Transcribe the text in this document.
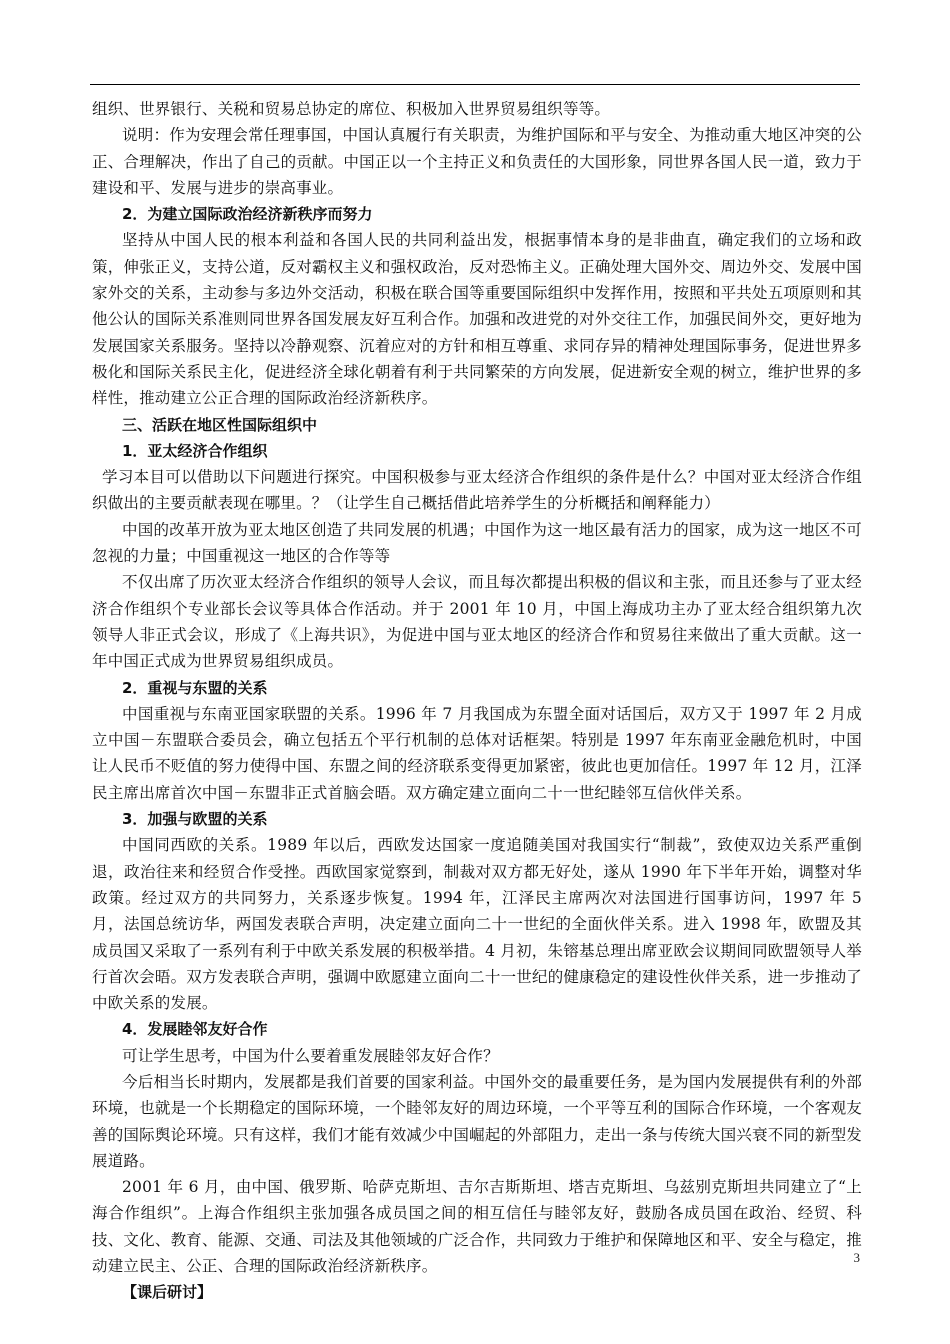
组织、世界银行、关税和贸易总协定的席位、积极加入世界贸易组织等等。

说明：作为安理会常任理事国，中国认真履行有关职责，为维护国际和平与安全、为推动重大地区冲突的公正、合理解决，作出了自己的贡献。中国正以一个主持正义和负责任的大国形象，同世界各国人民一道，致力于建设和平、发展与进步的崇高事业。

2．为建立国际政治经济新秩序而努力

坚持从中国人民的根本利益和各国人民的共同利益出发，根据事情本身的是非曲直，确定我们的立场和政策，伸张正义，支持公道，反对霸权主义和强权政治，反对恐怖主义。正确处理大国外交、周边外交、发展中国家外交的关系，主动参与多边外交活动，积极在联合国等重要国际组织中发挥作用，按照和平共处五项原则和其他公认的国际关系准则同世界各国发展友好互利合作。加强和改进党的对外交往工作，加强民间外交，更好地为发展国家关系服务。坚持以冷静观察、沉着应对的方针和相互尊重、求同存异的精神处理国际事务，促进世界多极化和国际关系民主化，促进经济全球化朝着有利于共同繁荣的方向发展，促进新安全观的树立，维护世界的多样性，推动建立公正合理的国际政治经济新秩序。

三、活跃在地区性国际组织中

1．亚太经济合作组织

学习本目可以借助以下问题进行探究。中国积极参与亚太经济合作组织的条件是什么？中国对亚太经济合作组织做出的主要贡献表现在哪里。？（让学生自己概括借此培养学生的分析概括和阐释能力）

中国的改革开放为亚太地区创造了共同发展的机遇；中国作为这一地区最有活力的国家，成为这一地区不可忽视的力量；中国重视这一地区的合作等等

不仅出席了历次亚太经济合作组织的领导人会议，而且每次都提出积极的倡议和主张，而且还参与了亚太经济合作组织个专业部长会议等具体合作活动。并于 2001 年 10 月，中国上海成功主办了亚太经合组织第九次领导人非正式会议，形成了《上海共识》，为促进中国与亚太地区的经济合作和贸易往来做出了重大贡献。这一年中国正式成为世界贸易组织成员。

2．重视与东盟的关系

中国重视与东南亚国家联盟的关系。1996 年 7 月我国成为东盟全面对话国后，双方又于 1997 年 2 月成立中国－东盟联合委员会，确立包括五个平行机制的总体对话框架。特别是 1997 年东南亚金融危机时，中国让人民币不贬值的努力使得中国、东盟之间的经济联系变得更加紧密，彼此也更加信任。1997 年 12 月，江泽民主席出席首次中国－东盟非正式首脑会晤。双方确定建立面向二十一世纪睦邻互信伙伴关系。

3．加强与欧盟的关系

中国同西欧的关系。1989 年以后，西欧发达国家一度追随美国对我国实行“制裁”，致使双边关系严重倒退，政治往来和经贸合作受挫。西欧国家觉察到，制裁对双方都无好处，遂从 1990 年下半年开始，调整对华政策。经过双方的共同努力，关系逐步恢复。1994 年，江泽民主席两次对法国进行国事访问，1997 年 5 月，法国总统访华，两国发表联合声明，决定建立面向二十一世纪的全面伙伴关系。进入 1998 年，欧盟及其成员国又采取了一系列有利于中欧关系发展的积极举措。4 月初，朱镕基总理出席亚欧会议期间同欧盟领导人举行首次会晤。双方发表联合声明，强调中欧愿建立面向二十一世纪的健康稳定的建设性伙伴关系，进一步推动了中欧关系的发展。

4．发展睦邻友好合作

可让学生思考，中国为什么要着重发展睦邻友好合作？

今后相当长时期内，发展都是我们首要的国家利益。中国外交的最重要任务，是为国内发展提供有利的外部环境，也就是一个长期稳定的国际环境，一个睦邻友好的周边环境，一个平等互利的国际合作环境，一个客观友善的国际舆论环境。只有这样，我们才能有效减少中国崛起的外部阻力，走出一条与传统大国兴衰不同的新型发展道路。

2001 年 6 月，由中国、俄罗斯、哈萨克斯坦、吉尔吉斯斯坦、塔吉克斯坦、乌兹别克斯坦共同建立了“上海合作组织”。上海合作组织主张加强各成员国之间的相互信任与睦邻友好，鼓励各成员国在政治、经贸、科技、文化、教育、能源、交通、司法及其他领域的广泛合作，共同致力于维护和保障地区和平、安全与稳定，推动建立民主、公正、合理的国际政治经济新秩序。

【课后研讨】

3
